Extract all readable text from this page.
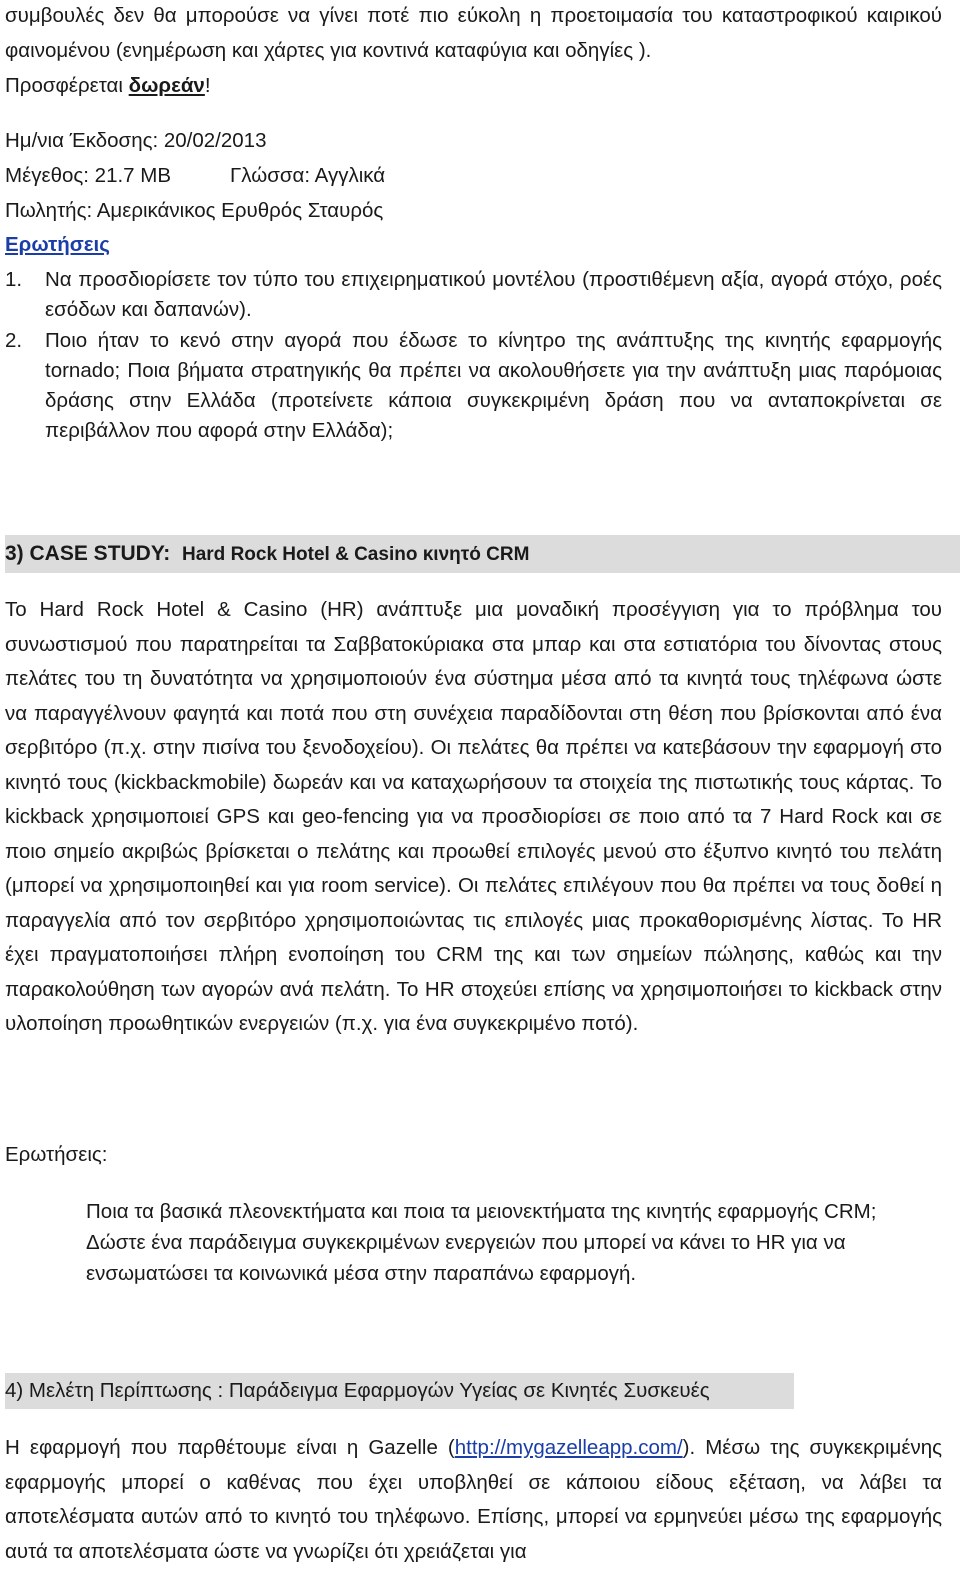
συμβουλές δεν θα μπορούσε να γίνει ποτέ πιο εύκολη η προετοιμασία του καταστροφικού καιρικού φαινομένου (ενημέρωση και χάρτες για κοντινά καταφύγια και οδηγίες ).
Προσφέρεται δωρεάν!
Ημ/νια Έκδοσης: 20/02/2013
Μέγεθος: 21.7 MB	Γλώσσα: Αγγλικά
Πωλητής: Αμερικάνικος Ερυθρός Σταυρός
Ερωτήσεις
1. Να προσδιορίσετε τον τύπο του επιχειρηματικού μοντέλου (προστιθέμενη αξία, αγορά στόχο, ροές εσόδων και δαπανών).
2. Ποιο ήταν το κενό στην αγορά που έδωσε το κίνητρο της ανάπτυξης της κινητής εφαρμογής tornado; Ποια βήματα στρατηγικής θα πρέπει να ακολουθήσετε για την ανάπτυξη μιας παρόμοιας δράσης στην Ελλάδα (προτείνετε κάποια συγκεκριμένη δράση που να ανταποκρίνεται σε περιβάλλον που αφορά στην Ελλάδα);
3) CASE STUDY: Hard Rock Hotel & Casino κινητό CRM
Το Hard Rock Hotel & Casino (HR) ανάπτυξε μια μοναδική προσέγγιση για το πρόβλημα του συνωστισμού που παρατηρείται τα Σαββατοκύριακα στα μπαρ και στα εστιατόρια του δίνοντας στους πελάτες του τη δυνατότητα να χρησιμοποιούν ένα σύστημα μέσα από τα κινητά τους τηλέφωνα ώστε να παραγγέλνουν φαγητά και ποτά που στη συνέχεια παραδίδονται στη θέση που βρίσκονται από ένα σερβιτόρο (π.χ. στην πισίνα του ξενοδοχείου). Οι πελάτες θα πρέπει να κατεβάσουν την εφαρμογή στο κινητό τους (kickbackmobile) δωρεάν και να καταχωρήσουν τα στοιχεία της πιστωτικής τους κάρτας. Το kickback χρησιμοποιεί GPS και geo-fencing για να προσδιορίσει σε ποιο από τα 7 Hard Rock και σε ποιο σημείο ακριβώς βρίσκεται ο πελάτης και προωθεί επιλογές μενού στο έξυπνο κινητό του πελάτη (μπορεί να χρησιμοποιηθεί και για room service). Οι πελάτες επιλέγουν που θα πρέπει να τους δοθεί η παραγγελία από τον σερβιτόρο χρησιμοποιώντας τις επιλογές μιας προκαθορισμένης λίστας. Το HR έχει πραγματοποιήσει πλήρη ενοποίηση του CRM της και των σημείων πώλησης, καθώς και την παρακολούθηση των αγορών ανά πελάτη. Το HR στοχεύει επίσης να χρησιμοποιήσει το kickback στην υλοποίηση προωθητικών ενεργειών (π.χ. για ένα συγκεκριμένο ποτό).
Ερωτήσεις:
Ποια τα βασικά πλεονεκτήματα και ποια τα μειονεκτήματα της κινητής εφαρμογής CRM;
Δώστε ένα παράδειγμα συγκεκριμένων ενεργειών που μπορεί να κάνει το HR για να ενσωματώσει τα κοινωνικά μέσα στην παραπάνω εφαρμογή.
4) Μελέτη Περίπτωσης : Παράδειγμα Εφαρμογών Υγείας σε Κινητές Συσκευές
Η εφαρμογή που παρθέτουμε είναι η Gazelle (http://mygazelleapp.com/). Μέσω της συγκεκριμένης εφαρμογής μπορεί ο καθένας που έχει υποβληθεί σε κάποιου είδους εξέταση, να λάβει τα αποτελέσματα αυτών από το κινητό του τηλέφωνο. Επίσης, μπορεί να ερμηνεύει μέσω της εφαρμογής αυτά τα αποτελέσματα ώστε να γνωρίζει ότι χρειάζεται για
